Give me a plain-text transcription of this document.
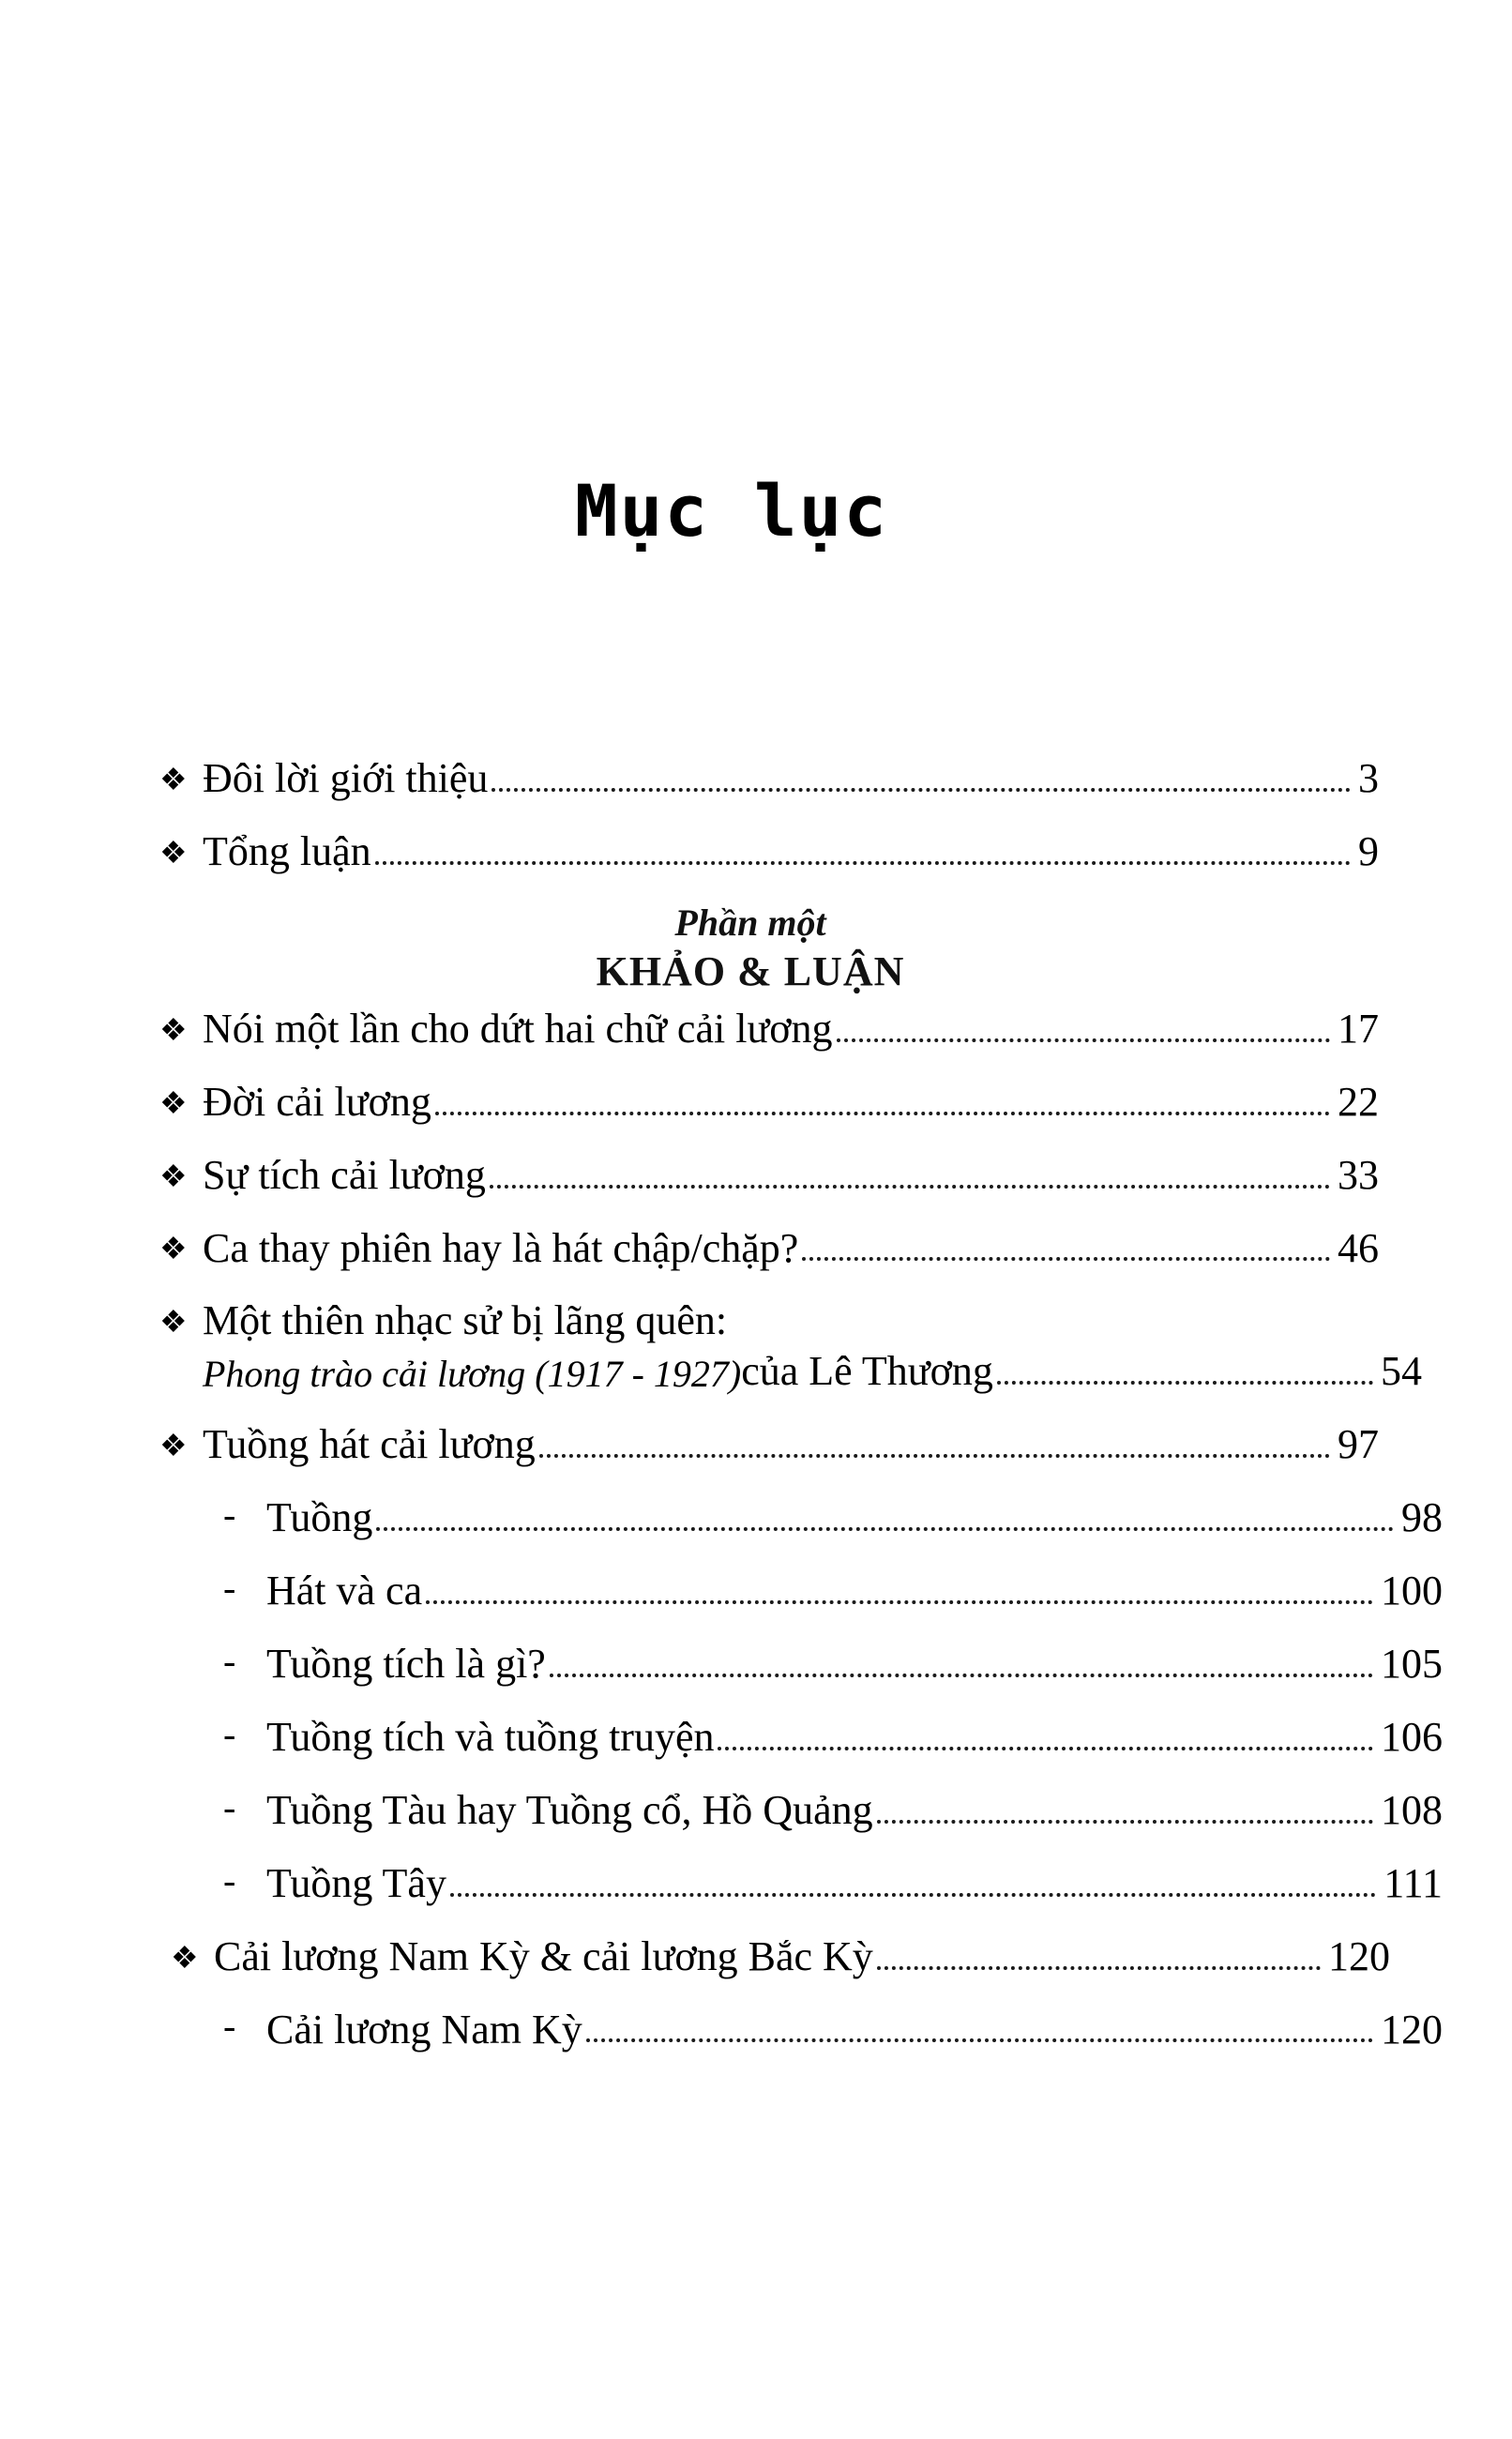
Mục lục
❖ Đôi lời giới thiệu	3
❖ Tổng luận	9
Phần một
KHẢO & LUẬN
❖ Nói một lần cho dứt hai chữ cải lương	17
❖ Đời cải lương	22
❖ Sự tích cải lương	33
❖ Ca thay phiên hay là hát chập/chặp?	46
❖ Một thiên nhạc sử bị lãng quên:
Phong trào cải lương (1917 - 1927) của Lê Thương	54
❖ Tuồng hát cải lương	97
- Tuồng	98
- Hát và ca	100
- Tuồng tích là gì?	105
- Tuồng tích và tuồng truyện	106
- Tuồng Tàu hay Tuồng cổ, Hồ Quảng	108
- Tuồng Tây	111
❖ Cải lương Nam Kỳ & cải lương Bắc Kỳ	120
- Cải lương Nam Kỳ	120
